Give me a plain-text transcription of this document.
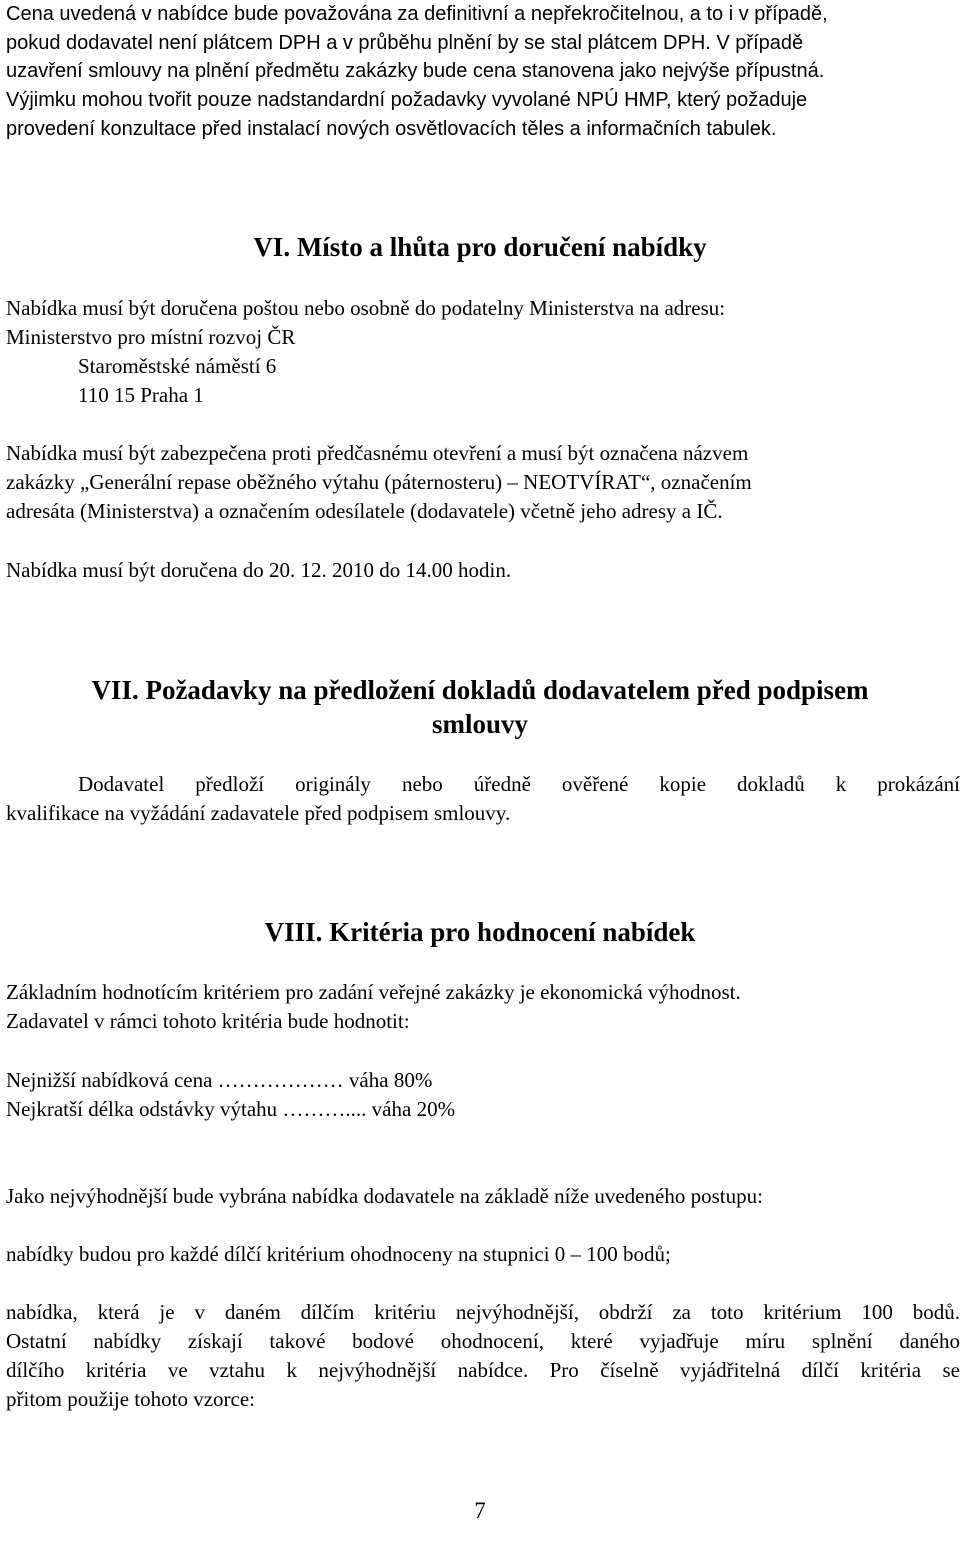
Cena uvedená v nabídce bude považována za definitivní a nepřekročitelnou, a to i v případě,
pokud dodavatel není plátcem DPH a v průběhu plnění by se stal plátcem DPH. V případě
uzavření smlouvy na plnění předmětu zakázky bude cena stanovena jako nejvýše přípustná.
Výjimku mohou tvořit pouze nadstandardní požadavky vyvolané NPÚ HMP, který požaduje
provedení konzultace před instalací nových osvětlovacích těles a informačních tabulek.
VI. Místo a lhůta pro doručení nabídky
Nabídka musí být doručena poštou nebo osobně do podatelny Ministerstva na adresu:
Ministerstvo pro místní rozvoj ČR
Staroměstské náměstí 6
110 15 Praha 1
Nabídka musí být zabezpečena proti předčasnému otevření a musí být označena názvem
zakázky „Generální repase oběžného výtahu (páternosteru) – NEOTVÍRAT“, označením
adresáta (Ministerstva) a označením odesílatele (dodavatele) včetně jeho adresy a IČ.
Nabídka musí být doručena do 20. 12. 2010 do 14.00 hodin.
VII. Požadavky na předložení dokladů dodavatelem před podpisem
smlouvy
Dodavatel předloží originály nebo úředně ověřené kopie dokladů k prokázání
kvalifikace na vyžádání zadavatele před podpisem smlouvy.
VIII. Kritéria pro hodnocení nabídek
Základním hodnotícím kritériem pro zadání veřejné zakázky je ekonomická výhodnost.
Zadavatel v rámci tohoto kritéria bude hodnotit:
Nejnižší nabídková cena ……………… váha 80%
Nejkratší délka odstávky výtahu ……….... váha 20%
Jako nejvýhodnější bude vybrána nabídka dodavatele na základě níže uvedeného postupu:
nabídky budou pro každé dílčí kritérium ohodnoceny na stupnici 0 – 100 bodů;
nabídka, která je v daném dílčím kritériu nejvýhodnější, obdrží za toto kritérium 100 bodů.
Ostatní nabídky získají takové bodové ohodnocení, které vyjadřuje míru splnění daného
dílčího kritéria ve vztahu k nejvýhodnější nabídce. Pro číselně vyjádřitelná dílčí kritéria se
přitom použije tohoto vzorce:
7
